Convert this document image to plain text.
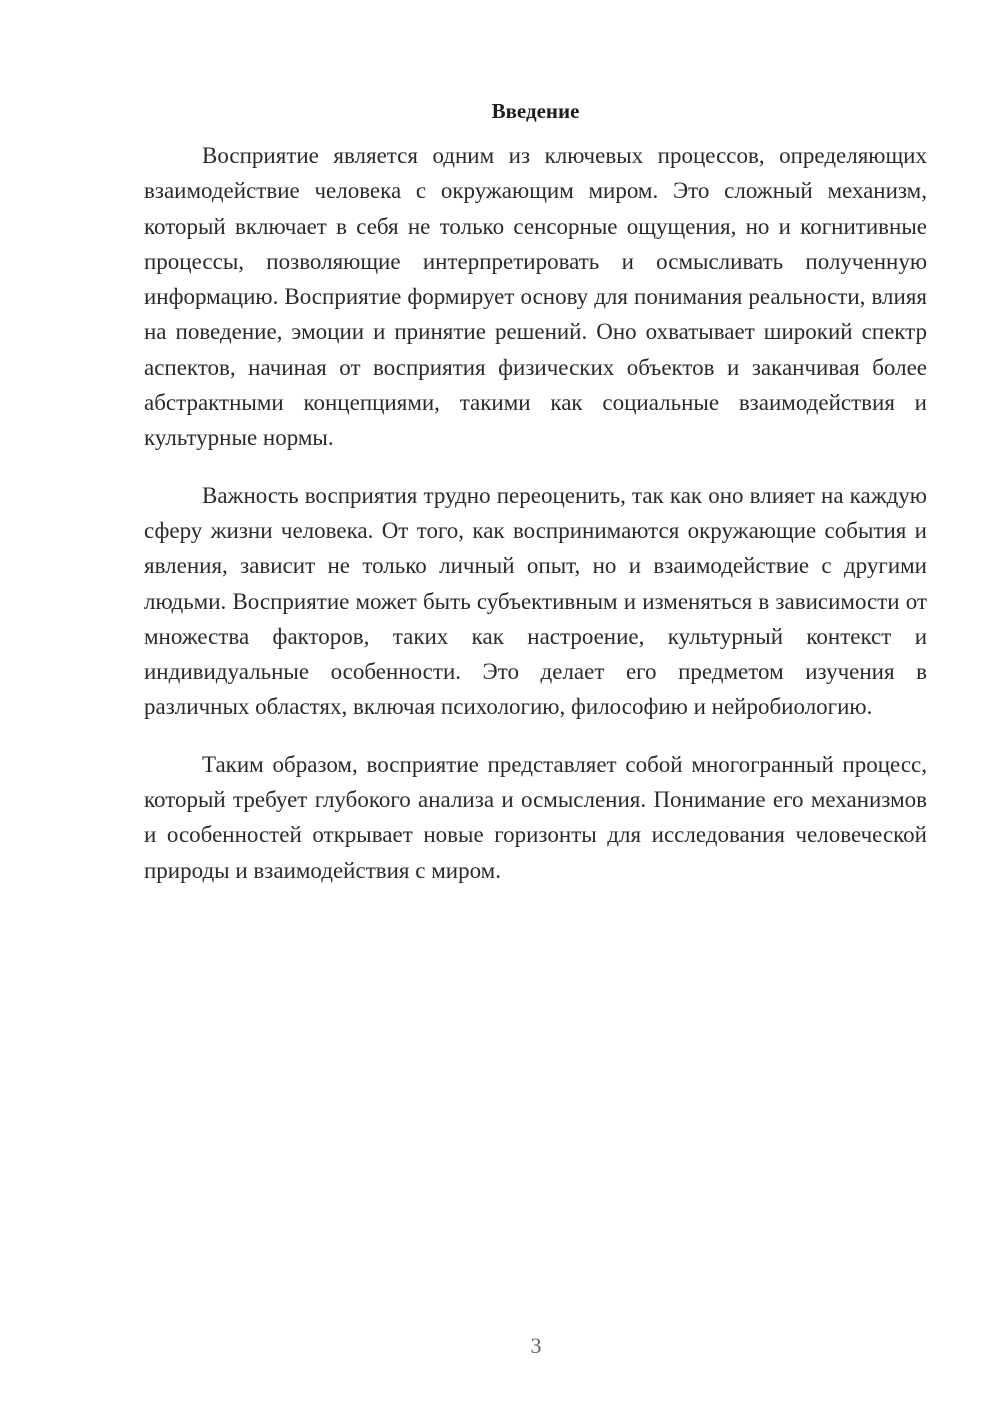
Введение

Восприятие является одним из ключевых процессов, определяющих взаимодействие человека с окружающим миром. Это сложный механизм, который включает в себя не только сенсорные ощущения, но и когнитивные процессы, позволяющие интерпретировать и осмысливать полученную информацию. Восприятие формирует основу для понимания реальности, влияя на поведение, эмоции и принятие решений. Оно охватывает широкий спектр аспектов, начиная от восприятия физических объектов и заканчивая более абстрактными концепциями, такими как социальные взаимодействия и культурные нормы.

Важность восприятия трудно переоценить, так как оно влияет на каждую сферу жизни человека. От того, как воспринимаются окружающие события и явления, зависит не только личный опыт, но и взаимодействие с другими людьми. Восприятие может быть субъективным и изменяться в зависимости от множества факторов, таких как настроение, культурный контекст и индивидуальные особенности. Это делает его предметом изучения в различных областях, включая психологию, философию и нейробиологию.

Таким образом, восприятие представляет собой многогранный процесс, который требует глубокого анализа и осмысления. Понимание его механизмов и особенностей открывает новые горизонты для исследования человеческой природы и взаимодействия с миром.

3
